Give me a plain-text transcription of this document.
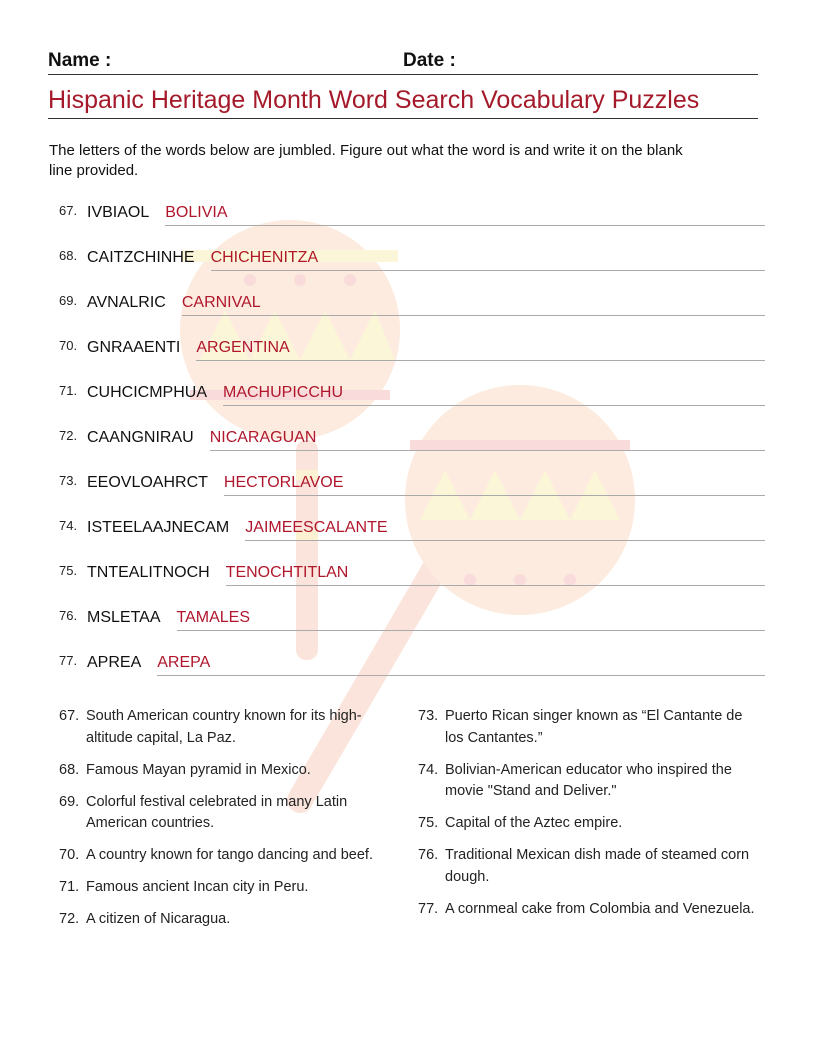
Name :	Date :
Hispanic Heritage Month Word Search Vocabulary Puzzles
The letters of the words below are jumbled. Figure out what the word is and write it on the blank line provided.
67. IVBIAOL BOLIVIA
68. CAITZCHINHE CHICHENITZA
69. AVNALRIC CARNIVAL
70. GNRAAENTI ARGENTINA
71. CUHCICMPHUA MACHUPICCHU
72. CAANGNIRAU NICARAGUAN
73. EEOVLOAHRCT HECTORLAVOE
74. ISTEELAAJNECAM JAIMEESCALANTE
75. TNTEALITNOCH TENOCHTITLAN
76. MSLETAA TAMALES
77. APREA AREPA
67. South American country known for its high-altitude capital, La Paz.
68. Famous Mayan pyramid in Mexico.
69. Colorful festival celebrated in many Latin American countries.
70. A country known for tango dancing and beef.
71. Famous ancient Incan city in Peru.
72. A citizen of Nicaragua.
73. Puerto Rican singer known as “El Cantante de los Cantantes.”
74. Bolivian-American educator who inspired the movie "Stand and Deliver."
75. Capital of the Aztec empire.
76. Traditional Mexican dish made of steamed corn dough.
77. A cornmeal cake from Colombia and Venezuela.
